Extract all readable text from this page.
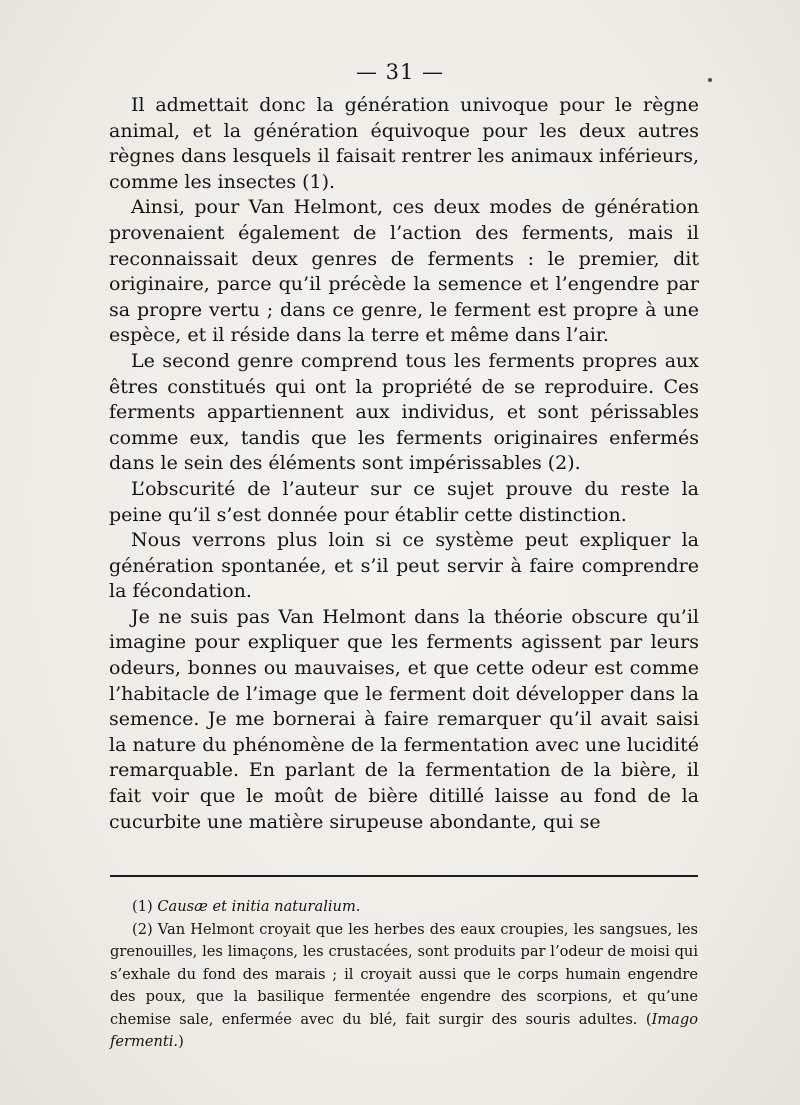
— 31 —

Il admettait donc la génération univoque pour le règne animal, et la génération équivoque pour les deux autres règnes dans lesquels il faisait rentrer les animaux inférieurs, comme les insectes (1).

Ainsi, pour Van Helmont, ces deux modes de génération provenaient également de l’action des ferments, mais il reconnaissait deux genres de ferments : le premier, dit originaire, parce qu’il précède la semence et l’engendre par sa propre vertu ; dans ce genre, le ferment est propre à une espèce, et il réside dans la terre et même dans l’air.

Le second genre comprend tous les ferments propres aux êtres constitués qui ont la propriété de se reproduire. Ces ferments appartiennent aux individus, et sont périssables comme eux, tandis que les ferments originaires enfermés dans le sein des éléments sont impérissables (2).

L’obscurité de l’auteur sur ce sujet prouve du reste la peine qu’il s’est donnée pour établir cette distinction.

Nous verrons plus loin si ce système peut expliquer la génération spontanée, et s’il peut servir à faire comprendre la fécondation.

Je ne suis pas Van Helmont dans la théorie obscure qu’il imagine pour expliquer que les ferments agissent par leurs odeurs, bonnes ou mauvaises, et que cette odeur est comme l’habitacle de l’image que le ferment doit développer dans la semence. Je me bornerai à faire remarquer qu’il avait saisi la nature du phénomène de la fermentation avec une lucidité remarquable. En parlant de la fermentation de la bière, il fait voir que le moût de bière ditillé laisse au fond de la cucurbite une matière sirupeuse abondante, qui se

(1) Causæ et initia naturalium.

(2) Van Helmont croyait que les herbes des eaux croupies, les sangsues, les grenouilles, les limaçons, les crustacées, sont produits par l’odeur de moisi qui s’exhale du fond des marais ; il croyait aussi que le corps humain engendre des poux, que la basilique fermentée engendre des scorpions, et qu’une chemise sale, enfermée avec du blé, fait surgir des souris adultes. (Imago fermenti.)
